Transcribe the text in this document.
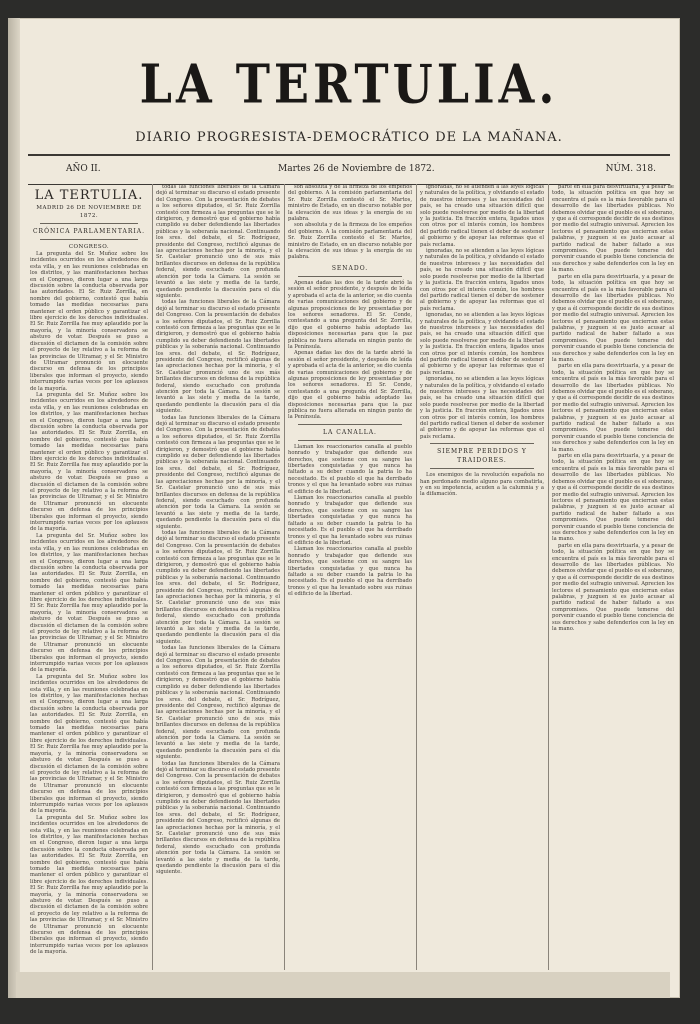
LA TERTULIA.
DIARIO PROGRESISTA-DEMOCRÁTICO DE LA MAÑANA.
AÑO II.	Martes 26 de Noviembre de 1872.	NÚM. 318.
LA TERTULIA.
MADRID 26 DE NOVIEMBRE DE 1872.
CRÓNICA PARLAMENTARIA.
CONGRESO.

La pregunta del Sr. Muñoz sobre los incidentes ocurridos en los alrededores de esta villa, y en las reuniones celebradas en los distritos, y las manifestaciones hechas en el Congreso, dieron lugar a una larga discusión sobre la conducta observada por las autoridades. El Sr. Ruiz Zorrilla, en nombre del gobierno, contestó que había tomado las medidas necesarias para mantener el orden público y garantizar el libre ejercicio de los derechos individuales. El Sr. Ruiz Zorrilla fue muy aplaudido por la mayoría, y la minoría conservadora se abstuvo de votar. Después se puso a discusión el dictamen de la comisión sobre el proyecto de ley relativo a la reforma de las provincias de Ultramar, y el Sr. Ministro de Ultramar pronunció un elocuente discurso en defensa de los principios liberales que informan el proyecto, siendo interrumpido varias veces por los aplausos de la mayoría.

La pregunta del Sr. Muñoz sobre los incidentes ocurridos en los alrededores de esta villa, y en las reuniones celebradas en los distritos, y las manifestaciones hechas en el Congreso, dieron lugar a una larga discusión sobre la conducta observada por las autoridades. El Sr. Ruiz Zorrilla, en nombre del gobierno, contestó que había tomado las medidas necesarias para mantener el orden público y garantizar el libre ejercicio de los derechos individuales. El Sr. Ruiz Zorrilla fue muy aplaudido por la mayoría, y la minoría conservadora se abstuvo de votar. Después se puso a discusión el dictamen de la comisión sobre el proyecto de ley relativo a la reforma de las provincias de Ultramar, y el Sr. Ministro de Ultramar pronunció un elocuente discurso en defensa de los principios liberales que informan el proyecto, siendo interrumpido varias veces por los aplausos de la mayoría.

La pregunta del Sr. Muñoz sobre los incidentes ocurridos en los alrededores de esta villa, y en las reuniones celebradas en los distritos, y las manifestaciones hechas en el Congreso, dieron lugar a una larga discusión sobre la conducta observada por las autoridades. El Sr. Ruiz Zorrilla, en nombre del gobierno, contestó que había tomado las medidas necesarias para mantener el orden público y garantizar el libre ejercicio de los derechos individuales. El Sr. Ruiz Zorrilla fue muy aplaudido por la mayoría, y la minoría conservadora se abstuvo de votar. Después se puso a discusión el dictamen de la comisión sobre el proyecto de ley relativo a la reforma de las provincias de Ultramar, y el Sr. Ministro de Ultramar pronunció un elocuente discurso en defensa de los principios liberales que informan el proyecto, siendo interrumpido varias veces por los aplausos de la mayoría.

La pregunta del Sr. Muñoz sobre los incidentes ocurridos en los alrededores de esta villa, y en las reuniones celebradas en los distritos, y las manifestaciones hechas en el Congreso, dieron lugar a una larga discusión sobre la conducta observada por las autoridades. El Sr. Ruiz Zorrilla, en nombre del gobierno, contestó que había tomado las medidas necesarias para mantener el orden público y garantizar el libre ejercicio de los derechos individuales. El Sr. Ruiz Zorrilla fue muy aplaudido por la mayoría, y la minoría conservadora se abstuvo de votar. Después se puso a discusión el dictamen de la comisión sobre el proyecto de ley relativo a la reforma de las provincias de Ultramar, y el Sr. Ministro de Ultramar pronunció un elocuente discurso en defensa de los principios liberales que informan el proyecto, siendo interrumpido varias veces por los aplausos de la mayoría.

La pregunta del Sr. Muñoz sobre los incidentes ocurridos en los alrededores de esta villa, y en las reuniones celebradas en los distritos, y las manifestaciones hechas en el Congreso, dieron lugar a una larga discusión sobre la conducta observada por las autoridades. El Sr. Ruiz Zorrilla, en nombre del gobierno, contestó que había tomado las medidas necesarias para mantener el orden público y garantizar el libre ejercicio de los derechos individuales. El Sr. Ruiz Zorrilla fue muy aplaudido por la mayoría, y la minoría conservadora se abstuvo de votar. Después se puso a discusión el dictamen de la comisión sobre el proyecto de ley relativo a la reforma de las provincias de Ultramar, y el Sr. Ministro de Ultramar pronunció un elocuente discurso en defensa de los principios liberales que informan el proyecto, siendo interrumpido varias veces por los aplausos de la mayoría.

todas las funciones liberales de la Cámara dejó al terminar su discurso el estado presente del Congreso. Con la presentación de debates a los señores diputados, el Sr. Ruiz Zorrilla contestó con firmeza a las preguntas que se le dirigieron, y demostró que el gobierno había cumplido su deber defendiendo las libertades públicas y la soberanía nacional. Continuando los sres. del debate, el Sr. Rodríguez, presidente del Congreso, rectificó algunas de las apreciaciones hechas por la minoría, y el Sr. Castelar pronunció uno de sus más brillantes discursos en defensa de la república federal, siendo escuchado con profunda atención por toda la Cámara. La sesión se levantó a las siete y media de la tarde, quedando pendiente la discusión para el día siguiente.

todas las funciones liberales de la Cámara dejó al terminar su discurso el estado presente del Congreso. Con la presentación de debates a los señores diputados, el Sr. Ruiz Zorrilla contestó con firmeza a las preguntas que se le dirigieron, y demostró que el gobierno había cumplido su deber defendiendo las libertades públicas y la soberanía nacional. Continuando los sres. del debate, el Sr. Rodríguez, presidente del Congreso, rectificó algunas de las apreciaciones hechas por la minoría, y el Sr. Castelar pronunció uno de sus más brillantes discursos en defensa de la república federal, siendo escuchado con profunda atención por toda la Cámara. La sesión se levantó a las siete y media de la tarde, quedando pendiente la discusión para el día siguiente.

todas las funciones liberales de la Cámara dejó al terminar su discurso el estado presente del Congreso. Con la presentación de debates a los señores diputados, el Sr. Ruiz Zorrilla contestó con firmeza a las preguntas que se le dirigieron, y demostró que el gobierno había cumplido su deber defendiendo las libertades públicas y la soberanía nacional. Continuando los sres. del debate, el Sr. Rodríguez, presidente del Congreso, rectificó algunas de las apreciaciones hechas por la minoría, y el Sr. Castelar pronunció uno de sus más brillantes discursos en defensa de la república federal, siendo escuchado con profunda atención por toda la Cámara. La sesión se levantó a las siete y media de la tarde, quedando pendiente la discusión para el día siguiente.

todas las funciones liberales de la Cámara dejó al terminar su discurso el estado presente del Congreso. Con la presentación de debates a los señores diputados, el Sr. Ruiz Zorrilla contestó con firmeza a las preguntas que se le dirigieron, y demostró que el gobierno había cumplido su deber defendiendo las libertades públicas y la soberanía nacional. Continuando los sres. del debate, el Sr. Rodríguez, presidente del Congreso, rectificó algunas de las apreciaciones hechas por la minoría, y el Sr. Castelar pronunció uno de sus más brillantes discursos en defensa de la república federal, siendo escuchado con profunda atención por toda la Cámara. La sesión se levantó a las siete y media de la tarde, quedando pendiente la discusión para el día siguiente.

todas las funciones liberales de la Cámara dejó al terminar su discurso el estado presente del Congreso. Con la presentación de debates a los señores diputados, el Sr. Ruiz Zorrilla contestó con firmeza a las preguntas que se le dirigieron, y demostró que el gobierno había cumplido su deber defendiendo las libertades públicas y la soberanía nacional. Continuando los sres. del debate, el Sr. Rodríguez, presidente del Congreso, rectificó algunas de las apreciaciones hechas por la minoría, y el Sr. Castelar pronunció uno de sus más brillantes discursos en defensa de la república federal, siendo escuchado con profunda atención por toda la Cámara. La sesión se levantó a las siete y media de la tarde, quedando pendiente la discusión para el día siguiente.

todas las funciones liberales de la Cámara dejó al terminar su discurso el estado presente del Congreso. Con la presentación de debates a los señores diputados, el Sr. Ruiz Zorrilla contestó con firmeza a las preguntas que se le dirigieron, y demostró que el gobierno había cumplido su deber defendiendo las libertades públicas y la soberanía nacional. Continuando los sres. del debate, el Sr. Rodríguez, presidente del Congreso, rectificó algunas de las apreciaciones hechas por la minoría, y el Sr. Castelar pronunció uno de sus más brillantes discursos en defensa de la república federal, siendo escuchado con profunda atención por toda la Cámara. La sesión se levantó a las siete y media de la tarde, quedando pendiente la discusión para el día siguiente.

son absoluta y de la firmeza de los empeños del gobierno. A la comisión parlamentaria del Sr. Ruiz Zorrilla contestó el Sr. Martos, ministro de Estado, en un discurso notable por la elevación de sus ideas y la energía de su palabra.

son absoluta y de la firmeza de los empeños del gobierno. A la comisión parlamentaria del Sr. Ruiz Zorrilla contestó el Sr. Martos, ministro de Estado, en un discurso notable por la elevación de sus ideas y la energía de su palabra.

SENADO.

Apenas dadas las dos de la tarde abrió la sesión el señor presidente, y después de leída y aprobada el acta de la anterior, se dio cuenta de varias comunicaciones del gobierno y de algunas proposiciones de ley presentadas por los señores senadores. El Sr. Conde, contestando a una pregunta del Sr. Zorrilla, dijo que el gobierno había adoptado las disposiciones necesarias para que la paz pública no fuera alterada en ningún punto de la Península.

Apenas dadas las dos de la tarde abrió la sesión el señor presidente, y después de leída y aprobada el acta de la anterior, se dio cuenta de varias comunicaciones del gobierno y de algunas proposiciones de ley presentadas por los señores senadores. El Sr. Conde, contestando a una pregunta del Sr. Zorrilla, dijo que el gobierno había adoptado las disposiciones necesarias para que la paz pública no fuera alterada en ningún punto de la Península.

LA CANALLA.

Llaman los reaccionarios canalla al pueblo honrado y trabajador que defiende sus derechos, que sostiene con su sangre las libertades conquistadas y que nunca ha faltado a su deber cuando la patria lo ha necesitado. Es el pueblo el que ha derribado tronos y el que ha levantado sobre sus ruinas el edificio de la libertad.

Llaman los reaccionarios canalla al pueblo honrado y trabajador que defiende sus derechos, que sostiene con su sangre las libertades conquistadas y que nunca ha faltado a su deber cuando la patria lo ha necesitado. Es el pueblo el que ha derribado tronos y el que ha levantado sobre sus ruinas el edificio de la libertad.

Llaman los reaccionarios canalla al pueblo honrado y trabajador que defiende sus derechos, que sostiene con su sangre las libertades conquistadas y que nunca ha faltado a su deber cuando la patria lo ha necesitado. Es el pueblo el que ha derribado tronos y el que ha levantado sobre sus ruinas el edificio de la libertad.

ignoradas, no se atienden a las leyes lógicas y naturales de la política, y olvidando el estado de nuestros intereses y las necesidades del país, se ha creado una situación difícil que solo puede resolverse por medio de la libertad y la justicia. En fracción entera, ligados unos con otros por el interés común, los hombres del partido radical tienen el deber de sostener al gobierno y de apoyar las reformas que el país reclama.

ignoradas, no se atienden a las leyes lógicas y naturales de la política, y olvidando el estado de nuestros intereses y las necesidades del país, se ha creado una situación difícil que solo puede resolverse por medio de la libertad y la justicia. En fracción entera, ligados unos con otros por el interés común, los hombres del partido radical tienen el deber de sostener al gobierno y de apoyar las reformas que el país reclama.

ignoradas, no se atienden a las leyes lógicas y naturales de la política, y olvidando el estado de nuestros intereses y las necesidades del país, se ha creado una situación difícil que solo puede resolverse por medio de la libertad y la justicia. En fracción entera, ligados unos con otros por el interés común, los hombres del partido radical tienen el deber de sostener al gobierno y de apoyar las reformas que el país reclama.

ignoradas, no se atienden a las leyes lógicas y naturales de la política, y olvidando el estado de nuestros intereses y las necesidades del país, se ha creado una situación difícil que solo puede resolverse por medio de la libertad y la justicia. En fracción entera, ligados unos con otros por el interés común, los hombres del partido radical tienen el deber de sostener al gobierno y de apoyar las reformas que el país reclama.

SIEMPRE PERDIDOS Y TRAIDORES.

Los enemigos de la revolución española no han perdonado medio alguno para combatirla, y en su impotencia, acuden a la calumnia y a la difamación.

parte en ella para desvirtuarla, y a pesar de todo, la situación política en que hoy se encuentra el país es la más favorable para el desarrollo de las libertades públicas. No debemos olvidar que el pueblo es el soberano, y que a él corresponde decidir de sus destinos por medio del sufragio universal. Aprecien los lectores el pensamiento que encierran estas palabras, y juzguen si es justo acusar al partido radical de haber faltado a sus compromisos. Que puede temerse del porvenir cuando el pueblo tiene conciencia de sus derechos y sabe defenderlos con la ley en la mano.

parte en ella para desvirtuarla, y a pesar de todo, la situación política en que hoy se encuentra el país es la más favorable para el desarrollo de las libertades públicas. No debemos olvidar que el pueblo es el soberano, y que a él corresponde decidir de sus destinos por medio del sufragio universal. Aprecien los lectores el pensamiento que encierran estas palabras, y juzguen si es justo acusar al partido radical de haber faltado a sus compromisos. Que puede temerse del porvenir cuando el pueblo tiene conciencia de sus derechos y sabe defenderlos con la ley en la mano.

parte en ella para desvirtuarla, y a pesar de todo, la situación política en que hoy se encuentra el país es la más favorable para el desarrollo de las libertades públicas. No debemos olvidar que el pueblo es el soberano, y que a él corresponde decidir de sus destinos por medio del sufragio universal. Aprecien los lectores el pensamiento que encierran estas palabras, y juzguen si es justo acusar al partido radical de haber faltado a sus compromisos. Que puede temerse del porvenir cuando el pueblo tiene conciencia de sus derechos y sabe defenderlos con la ley en la mano.

parte en ella para desvirtuarla, y a pesar de todo, la situación política en que hoy se encuentra el país es la más favorable para el desarrollo de las libertades públicas. No debemos olvidar que el pueblo es el soberano, y que a él corresponde decidir de sus destinos por medio del sufragio universal. Aprecien los lectores el pensamiento que encierran estas palabras, y juzguen si es justo acusar al partido radical de haber faltado a sus compromisos. Que puede temerse del porvenir cuando el pueblo tiene conciencia de sus derechos y sabe defenderlos con la ley en la mano.

parte en ella para desvirtuarla, y a pesar de todo, la situación política en que hoy se encuentra el país es la más favorable para el desarrollo de las libertades públicas. No debemos olvidar que el pueblo es el soberano, y que a él corresponde decidir de sus destinos por medio del sufragio universal. Aprecien los lectores el pensamiento que encierran estas palabras, y juzguen si es justo acusar al partido radical de haber faltado a sus compromisos. Que puede temerse del porvenir cuando el pueblo tiene conciencia de sus derechos y sabe defenderlos con la ley en la mano.
